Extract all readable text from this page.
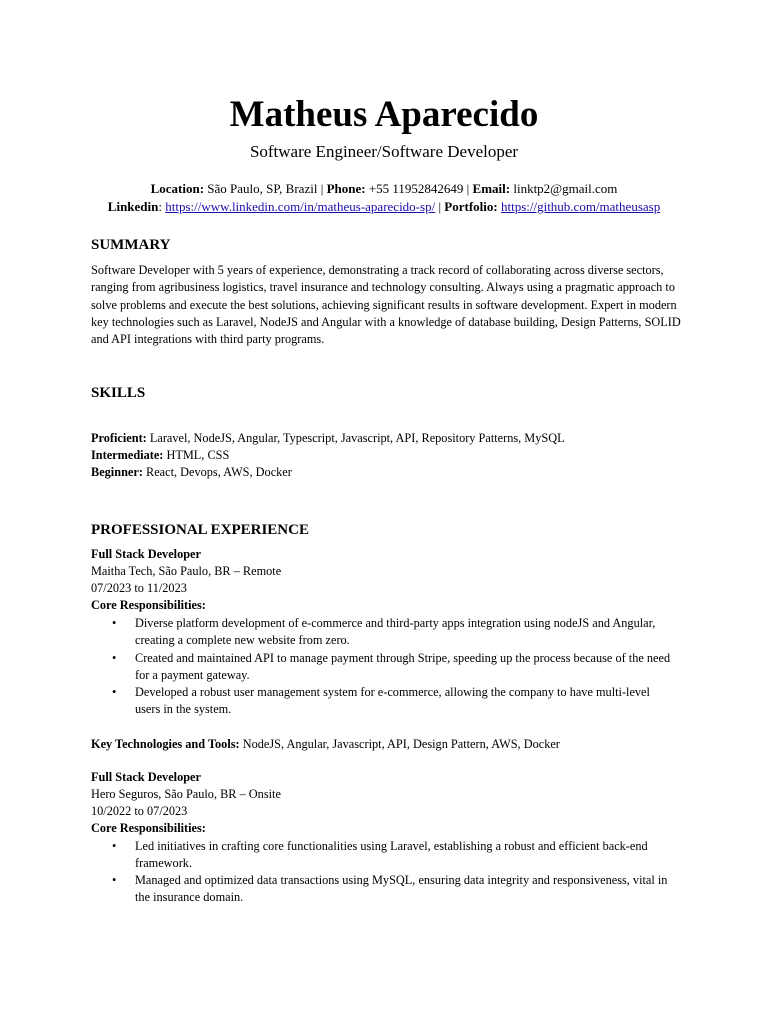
Matheus Aparecido
Software Engineer/Software Developer
Location: São Paulo, SP, Brazil | Phone: +55 11952842649 | Email: linktp2@gmail.com
Linkedin: https://www.linkedin.com/in/matheus-aparecido-sp/ | Portfolio: https://github.com/matheusasp
SUMMARY
Software Developer with 5 years of experience, demonstrating a track record of collaborating across diverse sectors, ranging from agribusiness logistics, travel insurance and technology consulting. Always using a pragmatic approach to solve problems and execute the best solutions, achieving significant results in software development. Expert in modern key technologies such as Laravel, NodeJS and Angular with a knowledge of database building, Design Patterns, SOLID and API integrations with third party programs.
SKILLS
Proficient: Laravel, NodeJS, Angular, Typescript, Javascript, API, Repository Patterns, MySQL
Intermediate: HTML, CSS
Beginner: React, Devops, AWS, Docker
PROFESSIONAL EXPERIENCE
Full Stack Developer
Maitha Tech, São Paulo, BR – Remote
07/2023 to 11/2023
Core Responsibilities:
• Diverse platform development of e-commerce and third-party apps integration using nodeJS and Angular, creating a complete new website from zero.
• Created and maintained API to manage payment through Stripe, speeding up the process because of the need for a payment gateway.
• Developed a robust user management system for e-commerce, allowing the company to have multi-level users in the system.
Key Technologies and Tools: NodeJS, Angular, Javascript, API, Design Pattern, AWS, Docker
Full Stack Developer
Hero Seguros, São Paulo, BR – Onsite
10/2022 to 07/2023
Core Responsibilities:
• Led initiatives in crafting core functionalities using Laravel, establishing a robust and efficient back-end framework.
• Managed and optimized data transactions using MySQL, ensuring data integrity and responsiveness, vital in the insurance domain.
